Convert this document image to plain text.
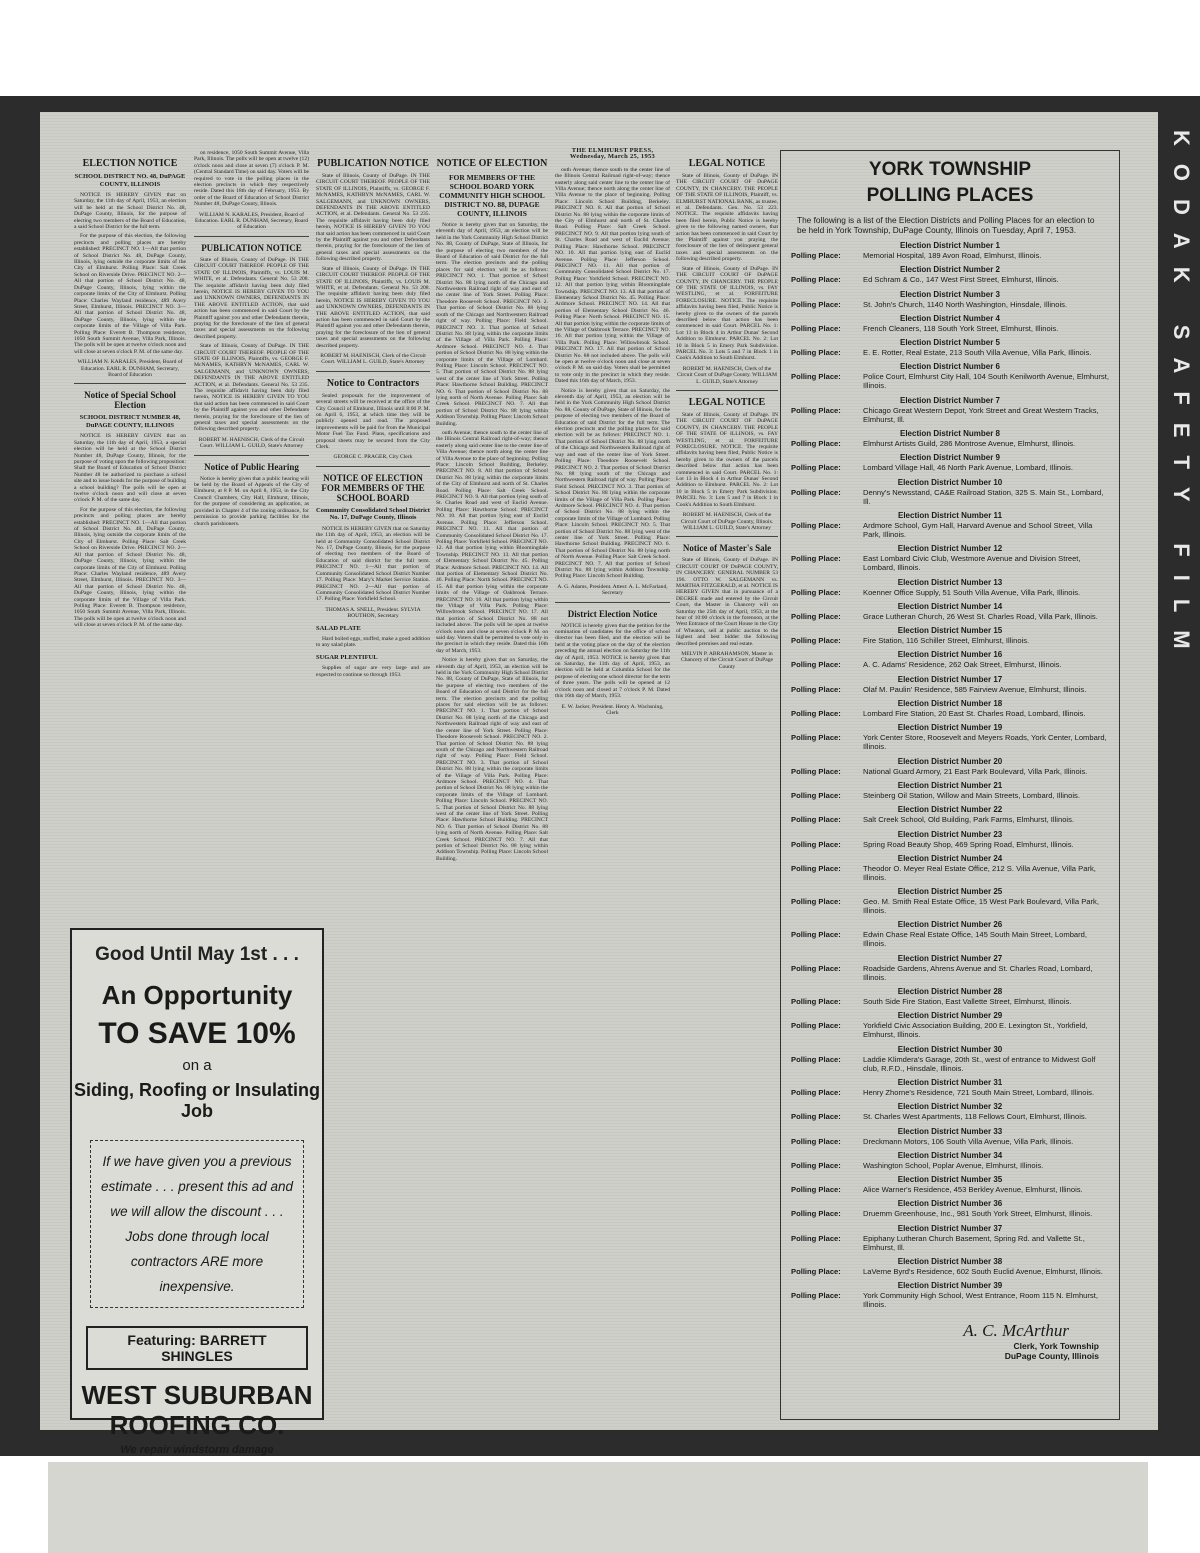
KODAK SAFETY FILM
ELECTION NOTICE
SCHOOL DISTRICT NO. 48, DuPAGE COUNTY, ILLINOIS

NOTICE IS HEREBY GIVEN that on Saturday, the 11th day of April, 1953, an election will be held at the School District No. 48, DuPage County, Illinois, for the purpose of electing two members of the Board of Education, a said School District for the full term.

For the purpose of this election, the following precincts and polling places are hereby established: PRECINCT NO. 1—All that portion of School District No. 48, DuPage County, Illinois, lying outside the corporate limits of the City of Elmhurst. Polling Place: Salt Creek School on Riverside Drive. PRECINCT NO. 2—All that portion of School District No. 48, DuPage County, Illinois, lying within the corporate limits of the City of Elmhurst. Polling Place: Charles Wayland residence, 489 Avery Street, Elmhurst, Illinois. PRECINCT NO. 3—All that portion of School District No. 48, DuPage County, Illinois, lying within the corporate limits of the Village of Villa Park. Polling Place: Everett B. Thompson residence, 1050 South Summit Avenue, Villa Park, Illinois. The polls will be open at twelve o'clock noon and will close at seven o'clock P. M. of the same day.

WILLIAM N. KARALES, President, Board of Education. EARL R. DUNHAM, Secretary, Board of Education
Notice of Special School Election
SCHOOL DISTRICT NUMBER 48, DuPAGE COUNTY, ILLINOIS

NOTICE IS HEREBY GIVEN that on Saturday, the 11th day of April, 1953, a special election will be held at the School District Number 48, DuPage County, Illinois, for the purpose of voting upon the following proposition: Shall the Board of Education of School District Number 48 be authorized to purchase a school site and to issue bonds for the purpose of building a school building? The polls will be open at twelve o'clock noon and will close at seven o'clock P. M. of the same day.

For the purpose of this election, the following precincts and polling places are hereby established: PRECINCT NO. 1—All that portion of School District No. 48, DuPage County, Illinois, lying outside the corporate limits of the City of Elmhurst. Polling Place: Salt Creek School on Riverside Drive. PRECINCT NO. 2—All that portion of School District No. 48, DuPage County, Illinois, lying within the corporate limits of the City of Elmhurst. Polling Place: Charles Wayland residence, 489 Avery Street, Elmhurst, Illinois. PRECINCT NO. 3—All that portion of School District No. 48, DuPage County, Illinois, lying within the corporate limits of the Village of Villa Park. Polling Place: Everett B. Thompson residence, 1050 South Summit Avenue, Villa Park, Illinois. The polls will be open at twelve o'clock noon and will close at seven o'clock P. M. of the same day.

on residence, 1050 South Summit Avenue, Villa Park, Illinois. The polls will be open at twelve (12) o'clock noon and close at seven (7) o'clock P. M. (Central Standard Time) on said day. Voters will be required to vote in the polling places in the election precincts in which they respectively reside. Dated this 18th day of February, 1953. By order of the Board of Education of School District Number 48, DuPage County, Illinois.

WILLIAM N. KARALES, President, Board of Education. EARL R. DUNHAM, Secretary, Board of Education
PUBLICATION NOTICE

State of Illinois, County of DuPage. IN THE CIRCUIT COURT THEREOF. PEOPLE OF THE STATE OF ILLINOIS, Plaintiffs, vs. LOUIS M. WHITE, et al. Defendants. General No. 53 208. The requisite affidavit having been duly filed herein, NOTICE IS HEREBY GIVEN TO YOU and UNKNOWN OWNERS, DEFENDANTS IN THE ABOVE ENTITLED ACTION, that said action has been commenced in said Court by the Plaintiff against you and other Defendants therein, praying for the foreclosure of the lien of general taxes and special assessments on the following described property.

State of Illinois, County of DuPage. IN THE CIRCUIT COURT THEREOF. PEOPLE OF THE STATE OF ILLINOIS, Plaintiffs, vs. GEORGE F. McNAMES, KATHRYN McNAMES, CARL W. SALGEMANN, and UNKNOWN OWNERS, DEFENDANTS IN THE ABOVE ENTITLED ACTION, et al. Defendants. General No. 53 235. The requisite affidavit having been duly filed herein, NOTICE IS HEREBY GIVEN TO YOU that said action has been commenced in said Court by the Plaintiff against you and other Defendants therein, praying for the foreclosure of the lien of general taxes and special assessments on the following described property.

ROBERT M. HAENISCH, Clerk of the Circuit Court. WILLIAM L. GUILD, State's Attorney
Notice of Public Hearing

Notice is hereby given that a public hearing will be held by the Board of Appeals of the City of Elmhurst, at 8 P. M. on April 8, 1953, in the City Council Chambers, City Hall, Elmhurst, Illinois, for the purpose of considering an application, as provided in Chapter 4 of the zoning ordinance, for permission to provide parking facilities for the church parishioners.

PUBLICATION NOTICE

State of Illinois, County of DuPage. IN THE CIRCUIT COURT THEREOF. PEOPLE OF THE STATE OF ILLINOIS, Plaintiffs, vs. GEORGE F. McNAMES, KATHRYN McNAMES, CARL W. SALGEMANN, and UNKNOWN OWNERS, DEFENDANTS IN THE ABOVE ENTITLED ACTION, et al. Defendants. General No. 53 235. The requisite affidavit having been duly filed herein, NOTICE IS HEREBY GIVEN TO YOU that said action has been commenced in said Court by the Plaintiff against you and other Defendants therein, praying for the foreclosure of the lien of general taxes and special assessments on the following described property.

State of Illinois, County of DuPage. IN THE CIRCUIT COURT THEREOF. PEOPLE OF THE STATE OF ILLINOIS, Plaintiffs, vs. LOUIS M. WHITE, et al. Defendants. General No. 53 208. The requisite affidavit having been duly filed herein, NOTICE IS HEREBY GIVEN TO YOU and UNKNOWN OWNERS, DEFENDANTS IN THE ABOVE ENTITLED ACTION, that said action has been commenced in said Court by the Plaintiff against you and other Defendants therein, praying for the foreclosure of the lien of general taxes and special assessments on the following described property.

ROBERT M. HAENISCH, Clerk of the Circuit Court. WILLIAM L. GUILD, State's Attorney
Notice to Contractors

Sealed proposals for the improvement of several streets will be received at the office of the City Council of Elmhurst, Illinois until 8:00 P. M. on April 6, 1953, at which time they will be publicly opened and read. The proposed improvements will be paid for from the Municipal Motor Fuel Tax Fund. Plans, specifications and proposal sheets may be secured from the City Clerk.

GEORGE C. PRAGER, City Clerk
NOTICE OF ELECTION FOR MEMBERS OF THE SCHOOL BOARD
Community Consolidated School District No. 17, DuPage County, Illinois

NOTICE IS HEREBY GIVEN that on Saturday the 11th day of April, 1953, an election will be held at Community Consolidated School District No. 17, DuPage County, Illinois, for the purpose of electing two members of the Board of Education of said district for the full term. PRECINCT NO. 1—All that portion of Community Consolidated School District Number 17. Polling Place: Mary's Market Service Station. PRECINCT NO. 2—All that portion of Community Consolidated School District Number 17. Polling Place: Yorkfield School.

THOMAS A. SNELL, President. SYLVIA BOUTHON, Secretary
SALAD PLATE

Hard boiled eggs, stuffed, make a good addition to any salad plate.

SUGAR PLENTIFUL

Supplies of sugar are very large and are expected to continue so through 1953.

NOTICE OF ELECTION
FOR MEMBERS OF THE SCHOOL BOARD YORK COMMUNITY HIGH SCHOOL DISTRICT NO. 88, DUPAGE COUNTY, ILLINOIS

Notice is hereby given that on Saturday, the eleventh day of April, 1953, an election will be held in the York Community High School District No. 88, County of DuPage, State of Illinois, for the purpose of electing two members of the Board of Education of said District for the full term. The election precincts and the polling places for said election will be as follows: PRECINCT NO. 1. That portion of School District No. 88 lying north of the Chicago and Northwestern Railroad right of way and east of the center line of York Street. Polling Place: Theodore Roosevelt School. PRECINCT NO. 2. That portion of School District No. 88 lying south of the Chicago and Northwestern Railroad right of way. Polling Place: Field School. PRECINCT NO. 3. That portion of School District No. 88 lying within the corporate limits of the Village of Villa Park. Polling Place: Ardmore School. PRECINCT NO. 4. That portion of School District No. 88 lying within the corporate limits of the Village of Lombard. Polling Place: Lincoln School. PRECINCT NO. 5. That portion of School District No. 88 lying west of the center line of York Street. Polling Place: Hawthorne School Building. PRECINCT NO. 6. That portion of School District No. 88 lying north of North Avenue. Polling Place: Salt Creek School. PRECINCT NO. 7. All that portion of School District No. 88 lying within Addison Township. Polling Place: Lincoln School Building.

outh Avenue; thence south to the center line of the Illinois Central Railroad right-of-way; thence easterly along said center line to the center line of Villa Avenue; thence north along the center line of Villa Avenue to the place of beginning. Polling Place: Lincoln School Building, Berkeley. PRECINCT NO. 8. All that portion of School District No. 88 lying within the corporate limits of the City of Elmhurst and north of St. Charles Road. Polling Place: Salt Creek School. PRECINCT NO. 9. All that portion lying south of St. Charles Road and west of Euclid Avenue. Polling Place: Hawthorne School. PRECINCT NO. 10. All that portion lying east of Euclid Avenue. Polling Place: Jefferson School. PRECINCT NO. 11. All that portion of Community Consolidated School District No. 17. Polling Place: Yorkfield School. PRECINCT NO. 12. All that portion lying within Bloomingdale Township. PRECINCT NO. 13. All that portion of Elementary School District No. 45. Polling Place: Ardmore School. PRECINCT NO. 14. All that portion of Elementary School District No. 46. Polling Place: North School. PRECINCT NO. 15. All that portion lying within the corporate limits of the Village of Oakbrook Terrace. PRECINCT NO. 16. All that portion lying within the Village of Villa Park. Polling Place: Willowbrook School. PRECINCT NO. 17. All that portion of School District No. 88 not included above. The polls will be open at twelve o'clock noon and close at seven o'clock P. M. on said day. Voters shall be permitted to vote only in the precinct in which they reside. Dated this 16th day of March, 1953.

Notice is hereby given that on Saturday, the eleventh day of April, 1953, an election will be held in the York Community High School District No. 88, County of DuPage, State of Illinois, for the purpose of electing two members of the Board of Education of said District for the full term. The election precincts and the polling places for said election will be as follows: PRECINCT NO. 1. That portion of School District No. 88 lying north of the Chicago and Northwestern Railroad right of way and east of the center line of York Street. Polling Place: Theodore Roosevelt School. PRECINCT NO. 2. That portion of School District No. 88 lying south of the Chicago and Northwestern Railroad right of way. Polling Place: Field School. PRECINCT NO. 3. That portion of School District No. 88 lying within the corporate limits of the Village of Villa Park. Polling Place: Ardmore School. PRECINCT NO. 4. That portion of School District No. 88 lying within the corporate limits of the Village of Lombard. Polling Place: Lincoln School. PRECINCT NO. 5. That portion of School District No. 88 lying west of the center line of York Street. Polling Place: Hawthorne School Building. PRECINCT NO. 6. That portion of School District No. 88 lying north of North Avenue. Polling Place: Salt Creek School. PRECINCT NO. 7. All that portion of School District No. 88 lying within Addison Township. Polling Place: Lincoln School Building.

THE ELMHURST PRESS, Wednesday, March 25, 1953

outh Avenue; thence south to the center line of the Illinois Central Railroad right-of-way; thence easterly along said center line to the center line of Villa Avenue; thence north along the center line of Villa Avenue to the place of beginning. Polling Place: Lincoln School Building, Berkeley. PRECINCT NO. 8. All that portion of School District No. 88 lying within the corporate limits of the City of Elmhurst and north of St. Charles Road. Polling Place: Salt Creek School. PRECINCT NO. 9. All that portion lying south of St. Charles Road and west of Euclid Avenue. Polling Place: Hawthorne School. PRECINCT NO. 10. All that portion lying east of Euclid Avenue. Polling Place: Jefferson School. PRECINCT NO. 11. All that portion of Community Consolidated School District No. 17. Polling Place: Yorkfield School. PRECINCT NO. 12. All that portion lying within Bloomingdale Township. PRECINCT NO. 13. All that portion of Elementary School District No. 45. Polling Place: Ardmore School. PRECINCT NO. 14. All that portion of Elementary School District No. 46. Polling Place: North School. PRECINCT NO. 15. All that portion lying within the corporate limits of the Village of Oakbrook Terrace. PRECINCT NO. 16. All that portion lying within the Village of Villa Park. Polling Place: Willowbrook School. PRECINCT NO. 17. All that portion of School District No. 88 not included above. The polls will be open at twelve o'clock noon and close at seven o'clock P. M. on said day. Voters shall be permitted to vote only in the precinct in which they reside. Dated this 16th day of March, 1953.

Notice is hereby given that on Saturday, the eleventh day of April, 1953, an election will be held in the York Community High School District No. 88, County of DuPage, State of Illinois, for the purpose of electing two members of the Board of Education of said District for the full term. The election precincts and the polling places for said election will be as follows: PRECINCT NO. 1. That portion of School District No. 88 lying north of the Chicago and Northwestern Railroad right of way and east of the center line of York Street. Polling Place: Theodore Roosevelt School. PRECINCT NO. 2. That portion of School District No. 88 lying south of the Chicago and Northwestern Railroad right of way. Polling Place: Field School. PRECINCT NO. 3. That portion of School District No. 88 lying within the corporate limits of the Village of Villa Park. Polling Place: Ardmore School. PRECINCT NO. 4. That portion of School District No. 88 lying within the corporate limits of the Village of Lombard. Polling Place: Lincoln School. PRECINCT NO. 5. That portion of School District No. 88 lying west of the center line of York Street. Polling Place: Hawthorne School Building. PRECINCT NO. 6. That portion of School District No. 88 lying north of North Avenue. Polling Place: Salt Creek School. PRECINCT NO. 7. All that portion of School District No. 88 lying within Addison Township. Polling Place: Lincoln School Building.

A. G. Adams, President. Attest: A. L. McFarland, Secretary
District Election Notice

NOTICE is hereby given that the petition for the nomination of candidates for the office of school director has been filed, and the election will be held at the voting place on the day of the election preceding the annual election on Saturday the 11th day of April, 1953. NOTICE is hereby given that on Saturday, the 11th day of April, 1953, an election will be held at Columbia School for the purpose of electing one school director for the term of three years. The polls will be opened at 12 o'clock noon and closed at 7 o'clock P. M. Dated this 16th day of March, 1953.

E. W. Jacker, President. Henry A. Wachsning, Clerk
LEGAL NOTICE

State of Illinois, County of DuPage. IN THE CIRCUIT COURT OF DuPAGE COUNTY, IN CHANCERY. THE PEOPLE OF THE STATE OF ILLINOIS, Plaintiff, vs. ELMHURST NATIONAL BANK, as trustee, et al. Defendants. Gen. No. 53 223. NOTICE. The requisite affidavits having been filed herein, Public Notice is hereby given to the following named owners, that action has been commenced in said Court by the Plaintiff against you praying the foreclosure of the lien of delinquent general taxes and special assessments on the following described property.

State of Illinois, County of DuPage. IN THE CIRCUIT COURT OF DuPAGE COUNTY, IN CHANCERY. THE PEOPLE OF THE STATE OF ILLINOIS, vs. FAY WESTLING, et al. FORFEITURE FORECLOSURE. NOTICE. The requisite affidavits having been filed, Public Notice is hereby given to the owners of the parcels described below that action has been commenced in said Court. PARCEL No. 1: Lot 13 in Block 4 in Arthur Dunas' Second Addition to Elmhurst. PARCEL No. 2: Lot 10 in Block 5 in Emery Park Subdivision. PARCEL No. 3: Lots 5 and 7 in Block 1 in Cook's Addition to South Elmhurst.

ROBERT M. HAENISCH, Clerk of the Circuit Court of DuPage County. WILLIAM L. GUILD, State's Attorney
LEGAL NOTICE

State of Illinois, County of DuPage. IN THE CIRCUIT COURT OF DuPAGE COUNTY, IN CHANCERY. THE PEOPLE OF THE STATE OF ILLINOIS, vs. FAY WESTLING, et al. FORFEITURE FORECLOSURE. NOTICE. The requisite affidavits having been filed, Public Notice is hereby given to the owners of the parcels described below that action has been commenced in said Court. PARCEL No. 1: Lot 13 in Block 4 in Arthur Dunas' Second Addition to Elmhurst. PARCEL No. 2: Lot 10 in Block 5 in Emery Park Subdivision. PARCEL No. 3: Lots 5 and 7 in Block 1 in Cook's Addition to South Elmhurst.

ROBERT M. HAENISCH, Clerk of the Circuit Court of DuPage County, Illinois. WILLIAM L. GUILD, State's Attorney
Notice of Master's Sale

State of Illinois, County of DuPage. IN CIRCUIT COURT OF DuPAGE COUNTY, IN CHANCERY. GENERAL NUMBER 53 196. OTTO W. SALGEMANN vs. MARTHA FITZGERALD, et al. NOTICE IS HEREBY GIVEN that in pursuance of a DECREE made and entered by the Circuit Court, the Master in Chancery will on Saturday the 25th day of April, 1953, at the hour of 10:00 o'clock in the forenoon, at the West Entrance of the Court House in the City of Wheaton, sell at public auction to the highest and best bidder the following described premises and real estate.

MELVIN P. ABRAHAMSON, Master in Chancery of the Circuit Court of DuPage County
Good Until May 1st . . .
An Opportunity
TO SAVE 10%
on a
Siding, Roofing or Insulating Job
If we have given you a previous estimate . . . present this ad and we will allow the discount . . . Jobs done through local contractors ARE more inexpensive.
Featuring: BARRETT SHINGLES
WEST SUBURBAN ROOFING CO.
We repair windstorm damage
YORK TOWNSHIP
POLLING PLACES
The following is a list of the Election Districts and Polling Places for an election to be held in York Township, DuPage County, Illinois on Tuesday, April 7, 1953.
Election District Number 1
Polling Place:	Memorial Hospital, 189 Avon Road, Elmhurst, Illinois.
Election District Number 2
Polling Place:	Ed Schram & Co., 147 West First Street, Elmhurst, Illinois.
Election District Number 3
Polling Place:	St. John's Church, 1140 North Washington, Hinsdale, Illinois.
Election District Number 4
Polling Place:	French Cleaners, 118 South York Street, Elmhurst, Illinois.
Election District Number 5
Polling Place:	E. E. Rotter, Real Estate, 213 South Villa Avenue, Villa Park, Illinois.
Election District Number 6
Polling Place:	Police Court, Elmhurst City Hall, 104 South Kenilworth Avenue, Elmhurst, Illinois.
Election District Number 7
Polling Place:	Chicago Great Western Depot, York Street and Great Western Tracks, Elmhurst, Ill.
Election District Number 8
Polling Place:	Elmhurst Artists Guild, 286 Montrose Avenue, Elmhurst, Illinois.
Election District Number 9
Polling Place:	Lombard Village Hall, 46 North Park Avenue, Lombard, Illinois.
Election District Number 10
Polling Place:	Denny's Newsstand, CA&E Railroad Station, 325 S. Main St., Lombard, Ill.
Election District Number 11
Polling Place:	Ardmore School, Gym Hall, Harvard Avenue and School Street, Villa Park, Illinois.
Election District Number 12
Polling Place:	East Lombard Civic Club, Westmore Avenue and Division Street, Lombard, Illinois.
Election District Number 13
Polling Place:	Koenner Office Supply, 51 South Villa Avenue, Villa Park, Illinois.
Election District Number 14
Polling Place:	Grace Lutheran Church, 26 West St. Charles Road, Villa Park, Illinois.
Election District Number 15
Polling Place:	Fire Station, 116 Schiller Street, Elmhurst, Illinois.
Election District Number 16
Polling Place:	A. C. Adams' Residence, 262 Oak Street, Elmhurst, Illinois.
Election District Number 17
Polling Place:	Olaf M. Paulin' Residence, 585 Fairview Avenue, Elmhurst, Illinois.
Election District Number 18
Polling Place:	Lombard Fire Station, 20 East St. Charles Road, Lombard, Illinois.
Election District Number 19
Polling Place:	York Center Store, Roosevelt and Meyers Roads, York Center, Lombard, Illinois.
Election District Number 20
Polling Place:	National Guard Armory, 21 East Park Boulevard, Villa Park, Illinois.
Election District Number 21
Polling Place:	Steinberg Oil Station, Willow and Main Streets, Lombard, Illinois.
Election District Number 22
Polling Place:	Salt Creek School, Old Building, Park Farms, Elmhurst, Illinois.
Election District Number 23
Polling Place:	Spring Road Beauty Shop, 469 Spring Road, Elmhurst, Illinois.
Election District Number 24
Polling Place:	Theodor O. Meyer Real Estate Office, 212 S. Villa Avenue, Villa Park, Illinois.
Election District Number 25
Polling Place:	Geo. M. Smith Real Estate Office, 15 West Park Boulevard, Villa Park, Illinois.
Election District Number 26
Polling Place:	Edwin Chase Real Estate Office, 145 South Main Street, Lombard, Illinois.
Election District Number 27
Polling Place:	Roadside Gardens, Ahrens Avenue and St. Charles Road, Lombard, Illinois.
Election District Number 28
Polling Place:	South Side Fire Station, East Vallette Street, Elmhurst, Illinois.
Election District Number 29
Polling Place:	Yorkfield Civic Association Building, 200 E. Lexington St., Yorkfield, Elmhurst, Illinois.
Election District Number 30
Polling Place:	Laddie Klimdera's Garage, 20th St., west of entrance to Midwest Golf club, R.F.D., Hinsdale, Illinois.
Election District Number 31
Polling Place:	Henry Zhorne's Residence, 721 South Main Street, Lombard, Illinois.
Election District Number 32
Polling Place:	St. Charles West Apartments, 118 Fellows Court, Elmhurst, Illinois.
Election District Number 33
Polling Place:	Dreckmann Motors, 106 South Villa Avenue, Villa Park, Illinois.
Election District Number 34
Polling Place:	Washington School, Poplar Avenue, Elmhurst, Illinois.
Election District Number 35
Polling Place:	Alice Warner's Residence, 453 Berkley Avenue, Elmhurst, Illinois.
Election District Number 36
Polling Place:	Druemm Greenhouse, Inc., 981 South York Street, Elmhurst, Illinois.
Election District Number 37
Polling Place:	Epiphany Lutheran Church Basement, Spring Rd. and Vallette St., Elmhurst, Ill.
Election District Number 38
Polling Place:	LaVerne Byrd's Residence, 602 South Euclid Avenue, Elmhurst, Illinois.
Election District Number 39
Polling Place:	York Community High School, West Entrance, Room 115 N. Elmhurst, Illinois.
A. C. McArthur
Clerk, York Township
DuPage County, Illinois
